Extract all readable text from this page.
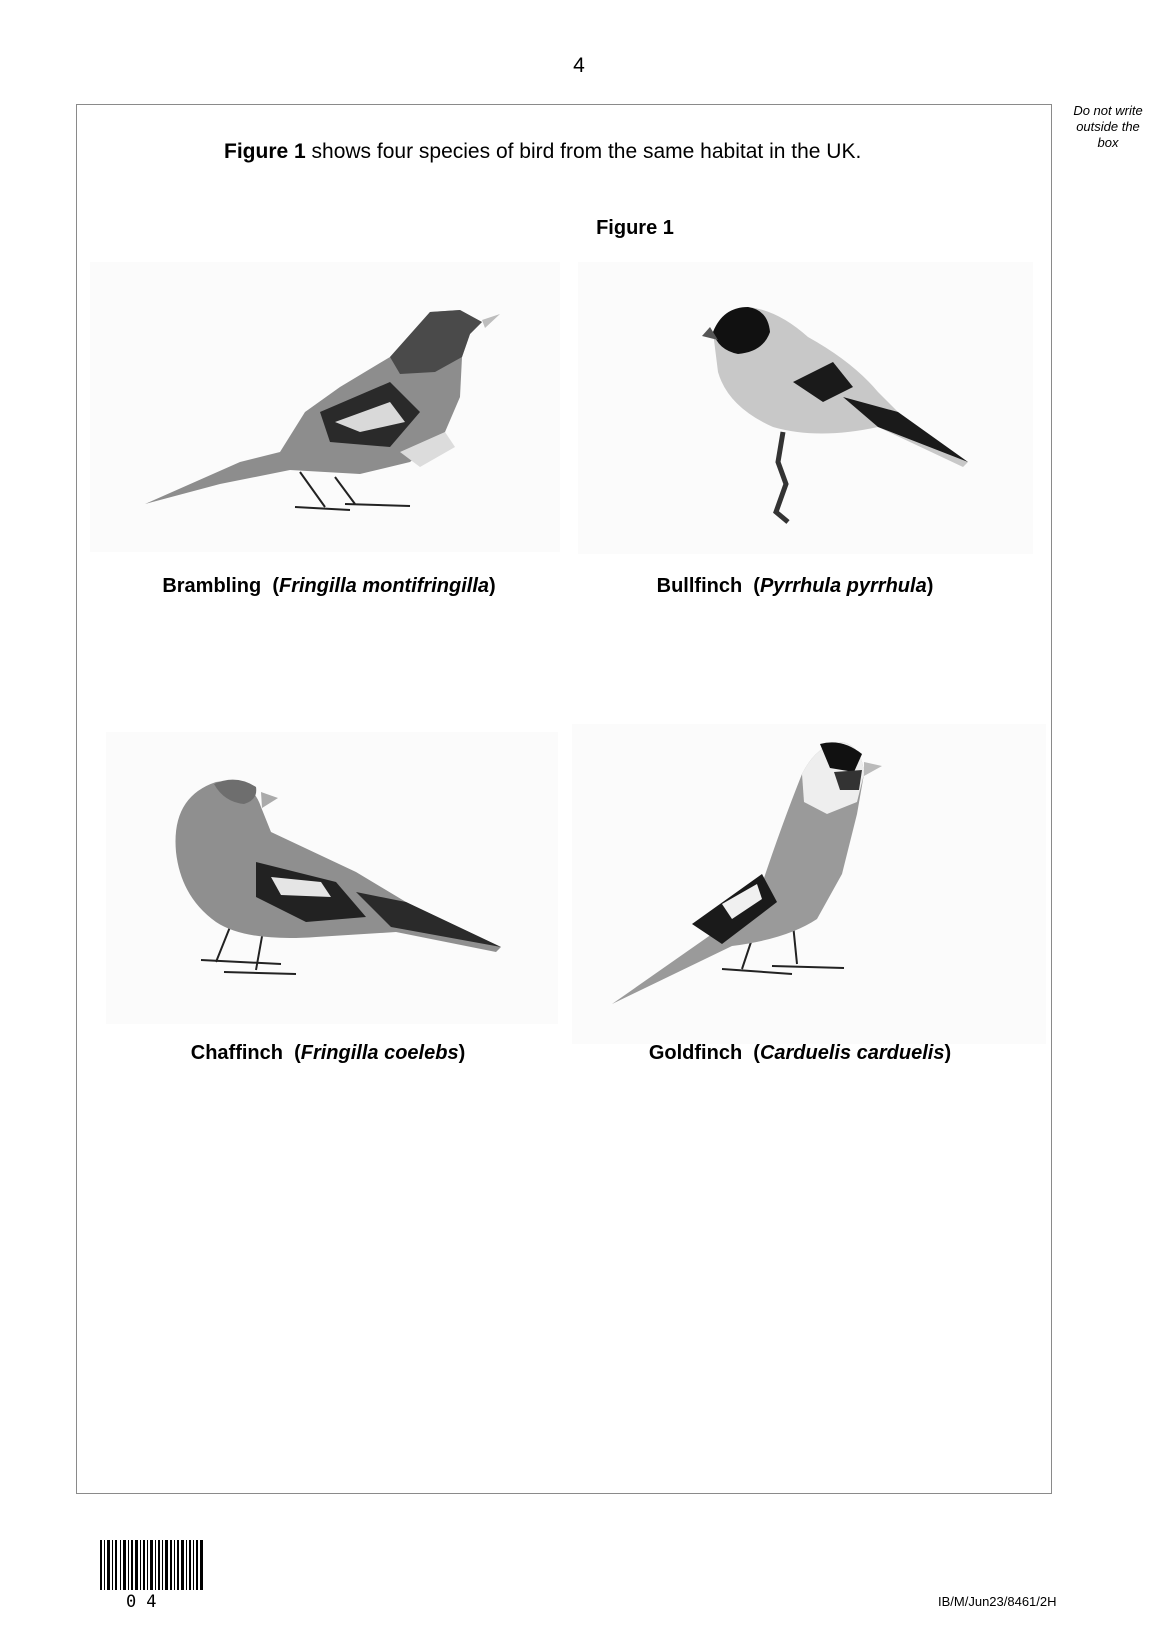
4
Do not write outside the box
Figure 1 shows four species of bird from the same habitat in the UK.
Figure 1
Brambling  (Fringilla montifringilla)	Bullfinch  (Pyrrhula pyrrhula)
Chaffinch  (Fringilla coelebs)	Goldfinch  (Carduelis carduelis)
04	IB/M/Jun23/8461/2H
